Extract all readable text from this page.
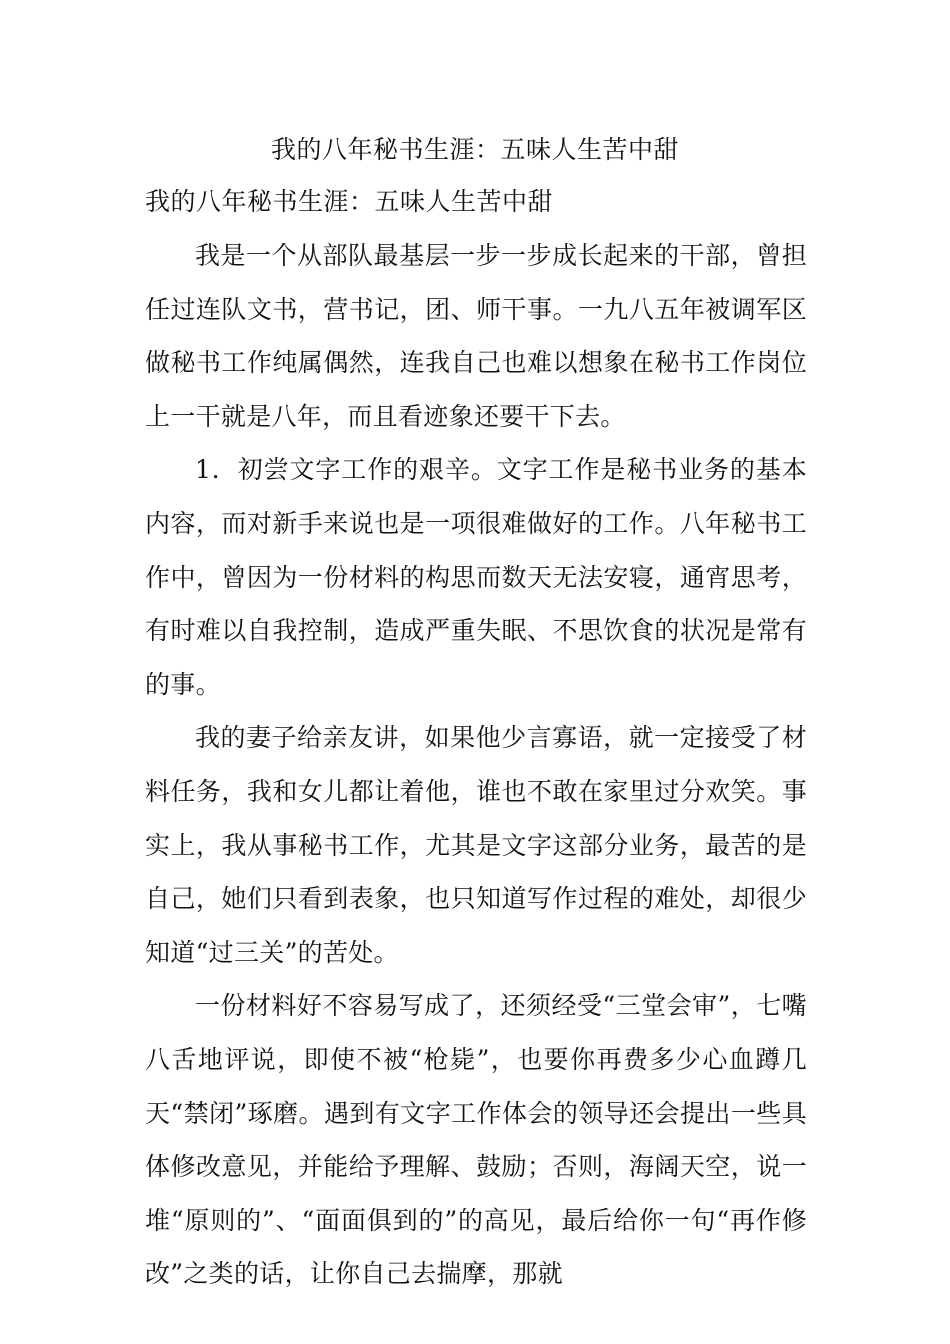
我的八年秘书生涯：五味人生苦中甜
我的八年秘书生涯：五味人生苦中甜

我是一个从部队最基层一步一步成长起来的干部，曾担任过连队文书，营书记，团、师干事。一九八五年被调军区做秘书工作纯属偶然，连我自己也难以想象在秘书工作岗位上一干就是八年，而且看迹象还要干下去。

1．初尝文字工作的艰辛。文字工作是秘书业务的基本内容，而对新手来说也是一项很难做好的工作。八年秘书工作中，曾因为一份材料的构思而数天无法安寝，通宵思考，有时难以自我控制，造成严重失眠、不思饮食的状况是常有的事。

我的妻子给亲友讲，如果他少言寡语，就一定接受了材料任务，我和女儿都让着他，谁也不敢在家里过分欢笑。事实上，我从事秘书工作，尤其是文字这部分业务，最苦的是自己，她们只看到表象，也只知道写作过程的难处，却很少知道“过三关”的苦处。

一份材料好不容易写成了，还须经受“三堂会审”，七嘴八舌地评说，即使不被“枪毙”，也要你再费多少心血蹲几天“禁闭”琢磨。遇到有文字工作体会的领导还会提出一些具体修改意见，并能给予理解、鼓励；否则，海阔天空，说一堆“原则的”、“面面俱到的”的高见，最后给你一句“再作修改”之类的话，让你自己去揣摩，那就
